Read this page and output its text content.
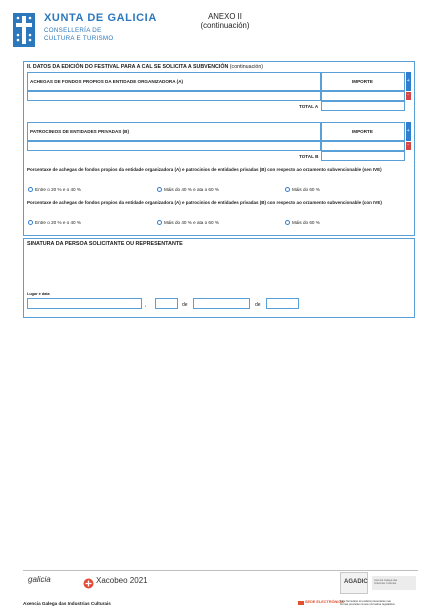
XUNTA DE GALICIA
CONSELLERÍA DE
CULTURA E TURISMO
ANEXO II
(continuación)
II. DATOS DA EDICIÓN DO FESTIVAL PARA A CAL SE SOLICITA A SUBVENCIÓN (continuación)
ACHEGAS DE FONDOS PROPIOS DA ENTIDADE ORGANIZADORA (A)	IMPORTE	+
-
TOTAL A
PATROCINIOS DE ENTIDADES PRIVADAS (B)	IMPORTE	+
-
TOTAL B
Porcentaxe de achegas de fondos propios da entidade organizadora (A) e patrocinios de entidades privadas (B) con respecto ao orzamento subvencionable (sen IVE)
Entre o 20 % e o 40 %	Máis do 40 % e ata o 60 %	Máis do 60 %
Porcentaxe de achegas de fondos propios da entidade organizadora (A) e patrocinios de entidades privadas (B) con respecto ao orzamento subvencionable (con IVE)
Entre o 20 % e o 40 %	Máis do 40 % e ata o 60 %	Máis do 60 %
SINATURA DA PERSOA SOLICITANTE OU REPRESENTANTE
Lugar e data
,	de	de
galicia	Xacobeo 2021	AGADIC Axencia Galega das
Industrias Culturais
Axencia Galega das Industrias Culturais	SEDE ELECTRÓNICA
Este formulario só poderá presentarse nas
formas previstas na súa normativa reguladora
